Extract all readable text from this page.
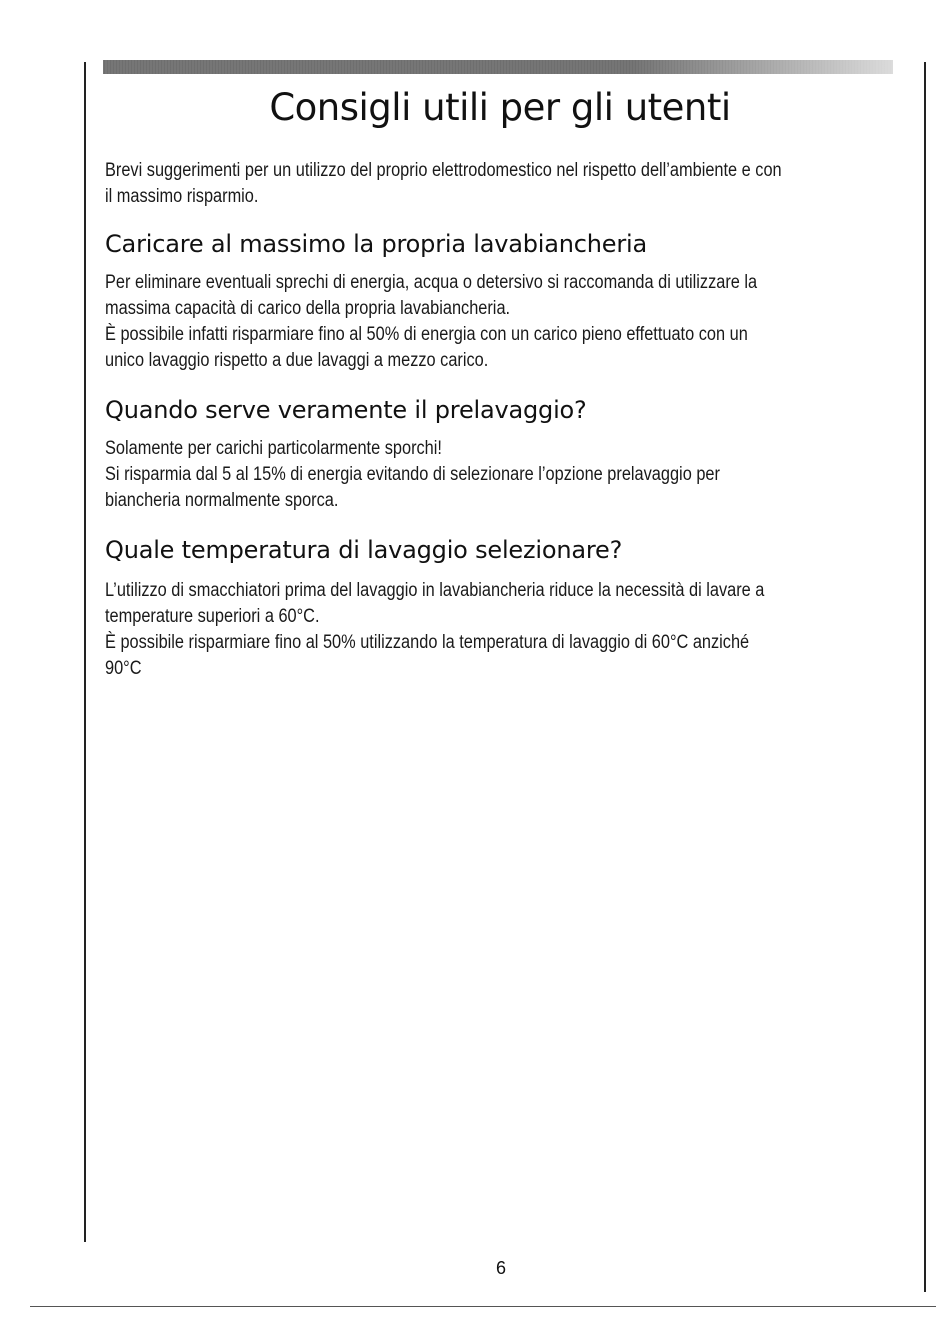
Consigli utili per gli utenti

Brevi suggerimenti per un utilizzo del proprio elettrodomestico nel rispetto dell’ambiente e con
il massimo risparmio.

Caricare al massimo la propria lavabiancheria

Per eliminare eventuali sprechi di energia, acqua o detersivo si raccomanda di utilizzare la
massima capacità di carico della propria lavabiancheria.
È possibile infatti risparmiare fino al 50% di energia con un carico pieno effettuato con un
unico lavaggio rispetto a due lavaggi a mezzo carico.

Quando serve veramente il prelavaggio?

Solamente per carichi particolarmente sporchi!
Si risparmia dal 5 al 15% di energia evitando di selezionare l’opzione prelavaggio per
biancheria normalmente sporca.

Quale temperatura di lavaggio selezionare?

L’utilizzo di smacchiatori prima del lavaggio in lavabiancheria riduce la necessità di lavare a
temperature superiori a 60°C.
È possibile risparmiare fino al 50% utilizzando la temperatura di lavaggio di 60°C anziché
90°C

6
